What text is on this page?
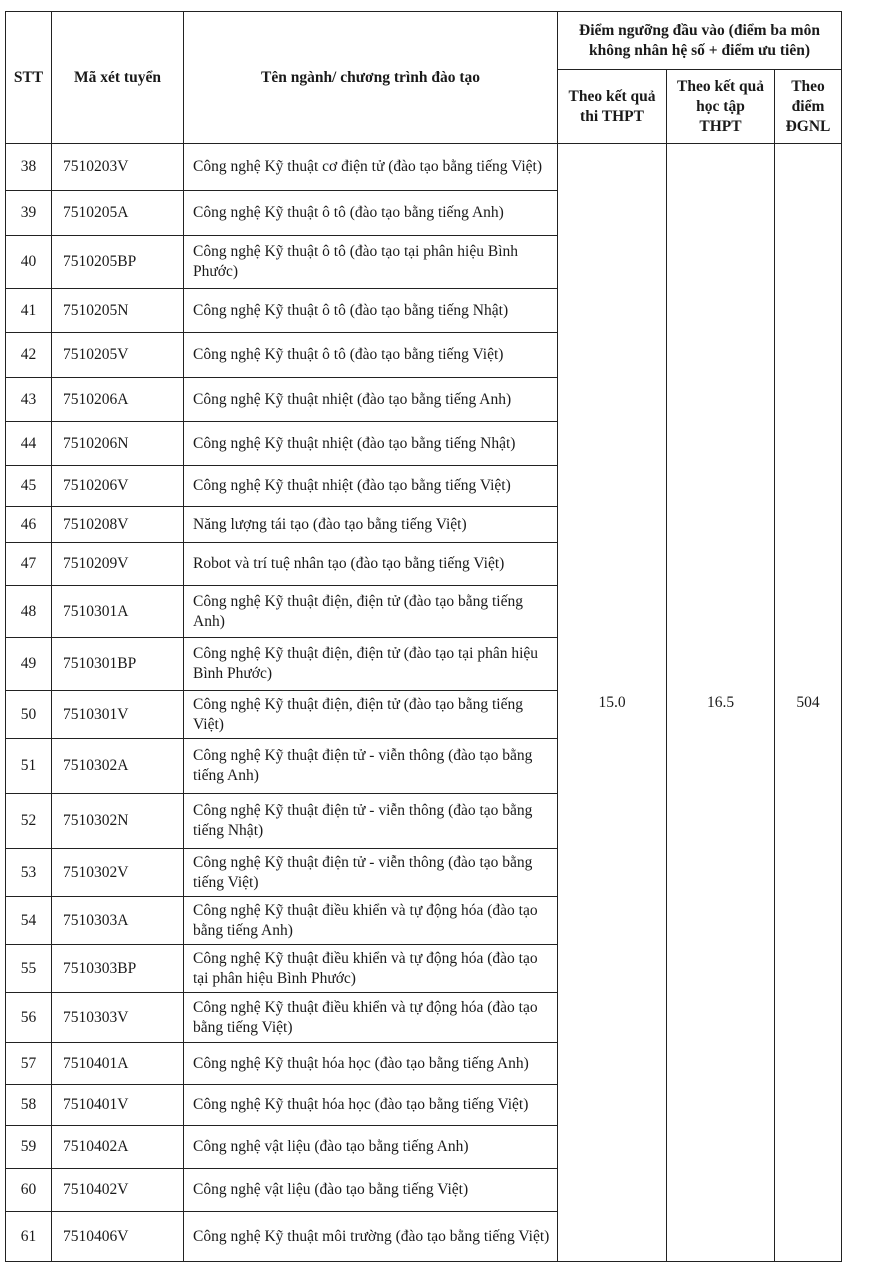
STT	Mã xét tuyển	Tên ngành/ chương trình đào tạo	Điểm ngưỡng đầu vào (điểm ba môn không nhân hệ số + điểm ưu tiên)		
			Theo kết quả thi THPT	Theo kết quả học tập THPT	Theo điểm ĐGNL
38	7510203V	Công nghệ Kỹ thuật cơ điện tử (đào tạo bằng tiếng Việt)	15.0	16.5	504
39	7510205A	Công nghệ Kỹ thuật ô tô (đào tạo bằng tiếng Anh)			
40	7510205BP	Công nghệ Kỹ thuật ô tô (đào tạo tại phân hiệu Bình Phước)			
41	7510205N	Công nghệ Kỹ thuật ô tô (đào tạo bằng tiếng Nhật)			
42	7510205V	Công nghệ Kỹ thuật ô tô (đào tạo bằng tiếng Việt)			
43	7510206A	Công nghệ Kỹ thuật nhiệt (đào tạo bằng tiếng Anh)			
44	7510206N	Công nghệ Kỹ thuật nhiệt (đào tạo bằng tiếng Nhật)			
45	7510206V	Công nghệ Kỹ thuật nhiệt (đào tạo bằng tiếng Việt)			
46	7510208V	Năng lượng tái tạo (đào tạo bằng tiếng Việt)			
47	7510209V	Robot và trí tuệ nhân tạo (đào tạo bằng tiếng Việt)			
48	7510301A	Công nghệ Kỹ thuật điện, điện tử (đào tạo bằng tiếng Anh)			
49	7510301BP	Công nghệ Kỹ thuật điện, điện tử (đào tạo tại phân hiệu Bình Phước)			
50	7510301V	Công nghệ Kỹ thuật điện, điện tử (đào tạo bằng tiếng Việt)			
51	7510302A	Công nghệ Kỹ thuật điện tử - viễn thông (đào tạo bằng tiếng Anh)			
52	7510302N	Công nghệ Kỹ thuật điện tử - viễn thông (đào tạo bằng tiếng Nhật)			
53	7510302V	Công nghệ Kỹ thuật điện tử - viễn thông (đào tạo bằng tiếng Việt)			
54	7510303A	Công nghệ Kỹ thuật điều khiển và tự động hóa (đào tạo bằng tiếng Anh)			
55	7510303BP	Công nghệ Kỹ thuật điều khiển và tự động hóa (đào tạo tại phân hiệu Bình Phước)			
56	7510303V	Công nghệ Kỹ thuật điều khiển và tự động hóa (đào tạo bằng tiếng Việt)			
57	7510401A	Công nghệ Kỹ thuật hóa học (đào tạo bằng tiếng Anh)			
58	7510401V	Công nghệ Kỹ thuật hóa học (đào tạo bằng tiếng Việt)			
59	7510402A	Công nghệ vật liệu (đào tạo bằng tiếng Anh)			
60	7510402V	Công nghệ vật liệu (đào tạo bằng tiếng Việt)			
61	7510406V	Công nghệ Kỹ thuật môi trường (đào tạo bằng tiếng Việt)			
